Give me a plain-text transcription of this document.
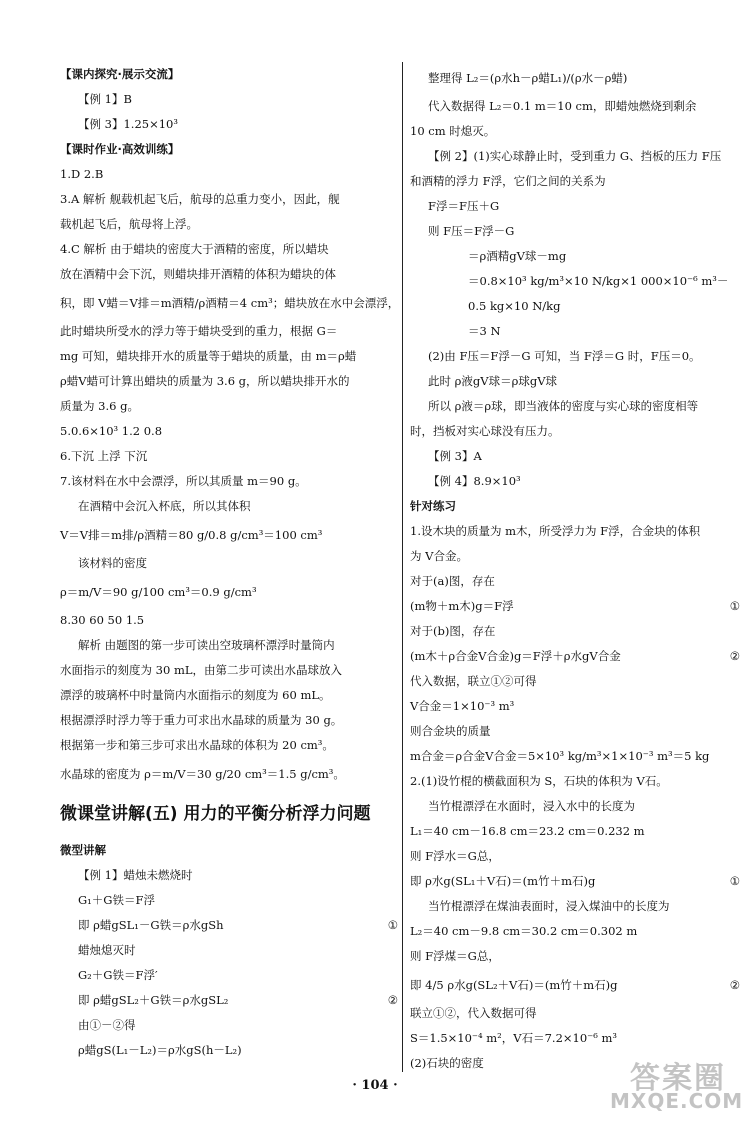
【课内探究·展示交流】
【例 1】B
【例 3】1.25×10³
【课时作业·高效训练】
1.D 2.B
3.A 解析 舰载机起飞后，航母的总重力变小，因此，舰
载机起飞后，航母将上浮。
4.C 解析 由于蜡块的密度大于酒精的密度，所以蜡块
放在酒精中会下沉，则蜡块排开酒精的体积为蜡块的体
积，即 V蜡＝V排＝m酒精/ρ酒精＝4 cm³；蜡块放在水中会漂浮，
此时蜡块所受水的浮力等于蜡块受到的重力，根据 G＝
mg 可知，蜡块排开水的质量等于蜡块的质量，由 m＝ρ蜡
ρ蜡V蜡可计算出蜡块的质量为 3.6 g，所以蜡块排开水的
质量为 3.6 g。
5.0.6×10³ 1.2 0.8
6.下沉 上浮 下沉
7.该材料在水中会漂浮，所以其质量 m＝90 g。
在酒精中会沉入杯底，所以其体积
V＝V排＝m排/ρ酒精＝80 g/0.8 g/cm³＝100 cm³
该材料的密度
ρ＝m/V＝90 g/100 cm³＝0.9 g/cm³
8.30 60 50 1.5
解析 由题图的第一步可读出空玻璃杯漂浮时量筒内
水面指示的刻度为 30 mL，由第二步可读出水晶球放入
漂浮的玻璃杯中时量筒内水面指示的刻度为 60 mL。
根据漂浮时浮力等于重力可求出水晶球的质量为 30 g。
根据第一步和第三步可求出水晶球的体积为 20 cm³。
水晶球的密度为 ρ＝m/V＝30 g/20 cm³＝1.5 g/cm³。
微课堂讲解(五) 用力的平衡分析浮力问题
微型讲解
【例 1】蜡烛未燃烧时
G₁＋G铁＝F浮
即 ρ蜡gSL₁－G铁＝ρ水gSh	①
蜡烛熄灭时
G₂＋G铁＝F浮′
即 ρ蜡gSL₂＋G铁＝ρ水gSL₂	②
由①－②得
ρ蜡gS(L₁－L₂)＝ρ水gS(h－L₂)
整理得 L₂＝(ρ水h－ρ蜡L₁)/(ρ水－ρ蜡)
代入数据得 L₂＝0.1 m＝10 cm，即蜡烛燃烧到剩余
10 cm 时熄灭。
【例 2】(1)实心球静止时，受到重力 G、挡板的压力 F压
和酒精的浮力 F浮，它们之间的关系为
F浮＝F压＋G
则 F压＝F浮－G
＝ρ酒精gV球－mg
＝0.8×10³ kg/m³×10 N/kg×1 000×10⁻⁶ m³－
0.5 kg×10 N/kg
＝3 N
(2)由 F压＝F浮－G 可知，当 F浮＝G 时，F压＝0。
此时 ρ液gV球＝ρ球gV球
所以 ρ液＝ρ球，即当液体的密度与实心球的密度相等
时，挡板对实心球没有压力。
【例 3】A
【例 4】8.9×10³
针对练习
1.设木块的质量为 m木，所受浮力为 F浮，合金块的体积
为 V合金。
对于(a)图，存在
(m物＋m木)g＝F浮	①
对于(b)图，存在
(m木＋ρ合金V合金)g＝F浮＋ρ水gV合金	②
代入数据，联立①②可得
V合金＝1×10⁻³ m³
则合金块的质量
m合金＝ρ合金V合金＝5×10³ kg/m³×1×10⁻³ m³＝5 kg
2.(1)设竹棍的横截面积为 S，石块的体积为 V石。
当竹棍漂浮在水面时，浸入水中的长度为
L₁＝40 cm－16.8 cm＝23.2 cm＝0.232 m
则 F浮水＝G总，
即 ρ水g(SL₁＋V石)＝(m竹＋m石)g	①
当竹棍漂浮在煤油表面时，浸入煤油中的长度为
L₂＝40 cm－9.8 cm＝30.2 cm＝0.302 m
则 F浮煤＝G总，
即 4/5 ρ水g(SL₂＋V石)＝(m竹＋m石)g	②
联立①②，代入数据可得
S＝1.5×10⁻⁴ m²，V石＝7.2×10⁻⁶ m³
(2)石块的密度
· 104 ·	答案圈
MXQE.COM
